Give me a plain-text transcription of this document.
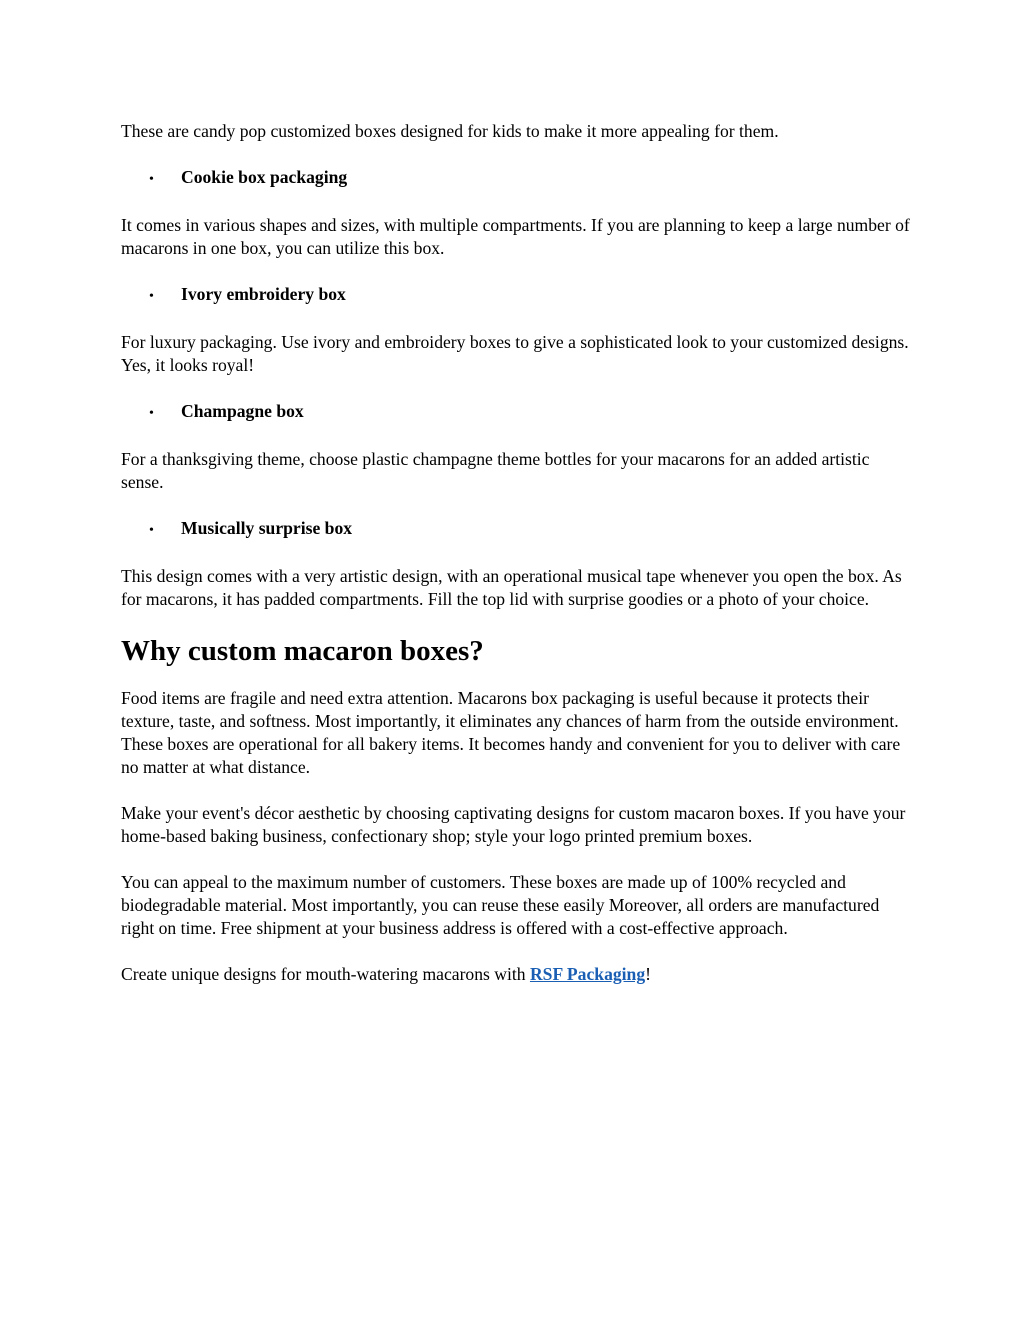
These are candy pop customized boxes designed for kids to make it more appealing for them.

•	Cookie box packaging

It comes in various shapes and sizes, with multiple compartments. If you are planning to keep a large number of macarons in one box, you can utilize this box.

•	Ivory embroidery box

For luxury packaging. Use ivory and embroidery boxes to give a sophisticated look to your customized designs. Yes, it looks royal!

•	Champagne box

For a thanksgiving theme, choose plastic champagne theme bottles for your macarons for an added artistic sense.

•	Musically surprise box

This design comes with a very artistic design, with an operational musical tape whenever you open the box. As for macarons, it has padded compartments. Fill the top lid with surprise goodies or a photo of your choice.

Why custom macaron boxes?

Food items are fragile and need extra attention. Macarons box packaging is useful because it protects their texture, taste, and softness. Most importantly, it eliminates any chances of harm from the outside environment. These boxes are operational for all bakery items. It becomes handy and convenient for you to deliver with care no matter at what distance.

Make your event's décor aesthetic by choosing captivating designs for custom macaron boxes. If you have your home-based baking business, confectionary shop; style your logo printed premium boxes.

You can appeal to the maximum number of customers. These boxes are made up of 100% recycled and biodegradable material. Most importantly, you can reuse these easily Moreover, all orders are manufactured right on time. Free shipment at your business address is offered with a cost-effective approach.

Create unique designs for mouth-watering macarons with RSF Packaging!
